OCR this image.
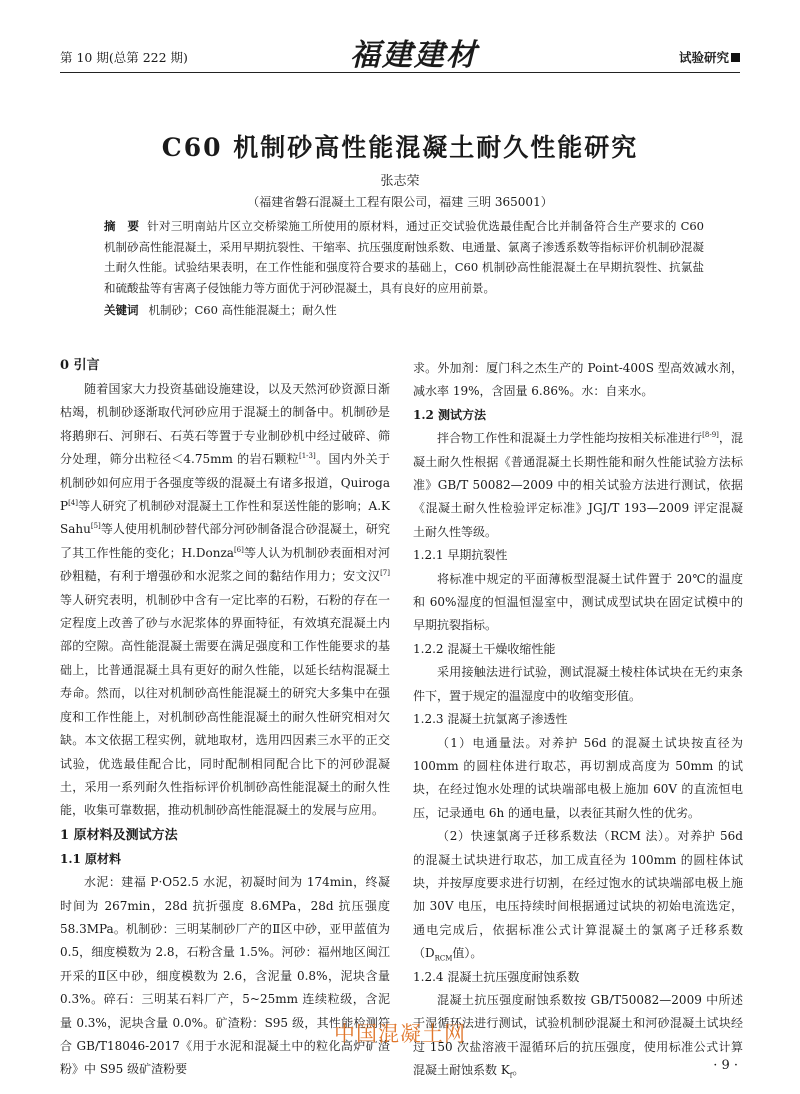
第 10 期(总第 222 期)	福建建材	试验研究
C60 机制砂高性能混凝土耐久性能研究
张志荣
（福建省磐石混凝土工程有限公司，福建 三明 365001）
摘　要 针对三明南站片区立交桥梁施工所使用的原材料，通过正交试验优选最佳配合比并制备符合生产要求的 C60 机制砂高性能混凝土，采用早期抗裂性、干缩率、抗压强度耐蚀系数、电通量、氯离子渗透系数等指标评价机制砂混凝土耐久性能。试验结果表明，在工作性能和强度符合要求的基础上，C60 机制砂高性能混凝土在早期抗裂性、抗氯盐和硫酸盐等有害离子侵蚀能力等方面优于河砂混凝土，具有良好的应用前景。
关键词 机制砂；C60 高性能混凝土；耐久性
0 引言

随着国家大力投资基础设施建设，以及天然河砂资源日渐枯竭，机制砂逐渐取代河砂应用于混凝土的制备中。机制砂是将鹅卵石、河卵石、石英石等置于专业制砂机中经过破碎、筛分处理，筛分出粒径＜4.75mm 的岩石颗粒[1-3]。国内外关于机制砂如何应用于各强度等级的混凝土有诸多报道，Quiroga P[4]等人研究了机制砂对混凝土工作性和泵送性能的影响；A.K Sahu[5]等人使用机制砂替代部分河砂制备混合砂混凝土，研究了其工作性能的变化；H.Donza[6]等人认为机制砂表面相对河砂粗糙，有利于增强砂和水泥浆之间的黏结作用力；安文汉[7]等人研究表明，机制砂中含有一定比率的石粉，石粉的存在一定程度上改善了砂与水泥浆体的界面特征，有效填充混凝土内部的空隙。高性能混凝土需要在满足强度和工作性能要求的基础上，比普通混凝土具有更好的耐久性能，以延长结构混凝土寿命。然而，以往对机制砂高性能混凝土的研究大多集中在强度和工作性能上，对机制砂高性能混凝土的耐久性研究相对欠缺。本文依据工程实例，就地取材，选用四因素三水平的正交试验，优选最佳配合比，同时配制相同配合比下的河砂混凝土，采用一系列耐久性指标评价机制砂高性能混凝土的耐久性能，收集可靠数据，推动机制砂高性能混凝土的发展与应用。

1 原材料及测试方法
1.1 原材料

水泥：建福 P·O52.5 水泥，初凝时间为 174min，终凝时间为 267min，28d 抗折强度 8.6MPa，28d 抗压强度 58.3MPa。机制砂：三明某制砂厂产的Ⅱ区中砂，亚甲蓝值为 0.5，细度模数为 2.8，石粉含量 1.5%。河砂：福州地区闽江开采的Ⅱ区中砂，细度模数为 2.6，含泥量 0.8%，泥块含量 0.3%。碎石：三明某石料厂产，5~25mm 连续粒级，含泥量 0.3%，泥块含量 0.0%。矿渣粉：S95 级，其性能检测符合 GB/T18046-2017《用于水泥和混凝土中的粒化高炉矿渣粉》中 S95 级矿渣粉要

求。外加剂：厦门科之杰生产的 Point-400S 型高效减水剂，减水率 19%，含固量 6.86%。水：自来水。

1.2 测试方法

拌合物工作性和混凝土力学性能均按相关标准进行[8-9]，混凝土耐久性根据《普通混凝土长期性能和耐久性能试验方法标准》GB/T 50082—2009 中的相关试验方法进行测试，依据《混凝土耐久性检验评定标准》JGJ/T 193—2009 评定混凝土耐久性等级。

1.2.1 早期抗裂性

将标准中规定的平面薄板型混凝土试件置于 20℃的温度和 60%湿度的恒温恒湿室中，测试成型试块在固定试模中的早期抗裂指标。

1.2.2 混凝土干燥收缩性能

采用接触法进行试验，测试混凝土棱柱体试块在无约束条件下，置于规定的温湿度中的收缩变形值。

1.2.3 混凝土抗氯离子渗透性

（1）电通量法。对养护 56d 的混凝土试块按直径为 100mm 的圆柱体进行取芯，再切割成高度为 50mm 的试块，在经过饱水处理的试块端部电极上施加 60V 的直流恒电压，记录通电 6h 的通电量，以表征其耐久性的优劣。

（2）快速氯离子迁移系数法（RCM 法）。对养护 56d 的混凝土试块进行取芯，加工成直径为 100mm 的圆柱体试块，并按厚度要求进行切割，在经过饱水的试块端部电极上施加 30V 电压，电压持续时间根据通过试块的初始电流选定，通电完成后，依据标准公式计算混凝土的氯离子迁移系数（$D_{RCM}$值）。

1.2.4 混凝土抗压强度耐蚀系数

混凝土抗压强度耐蚀系数按 GB/T50082—2009 中所述干湿循环法进行测试，试验机制砂混凝土和河砂混凝土试块经过 150 次盐溶液干湿循环后的抗压强度，使用标准公式计算混凝土耐蚀系数 $K_f$。

中国混凝土网
· 9 ·
